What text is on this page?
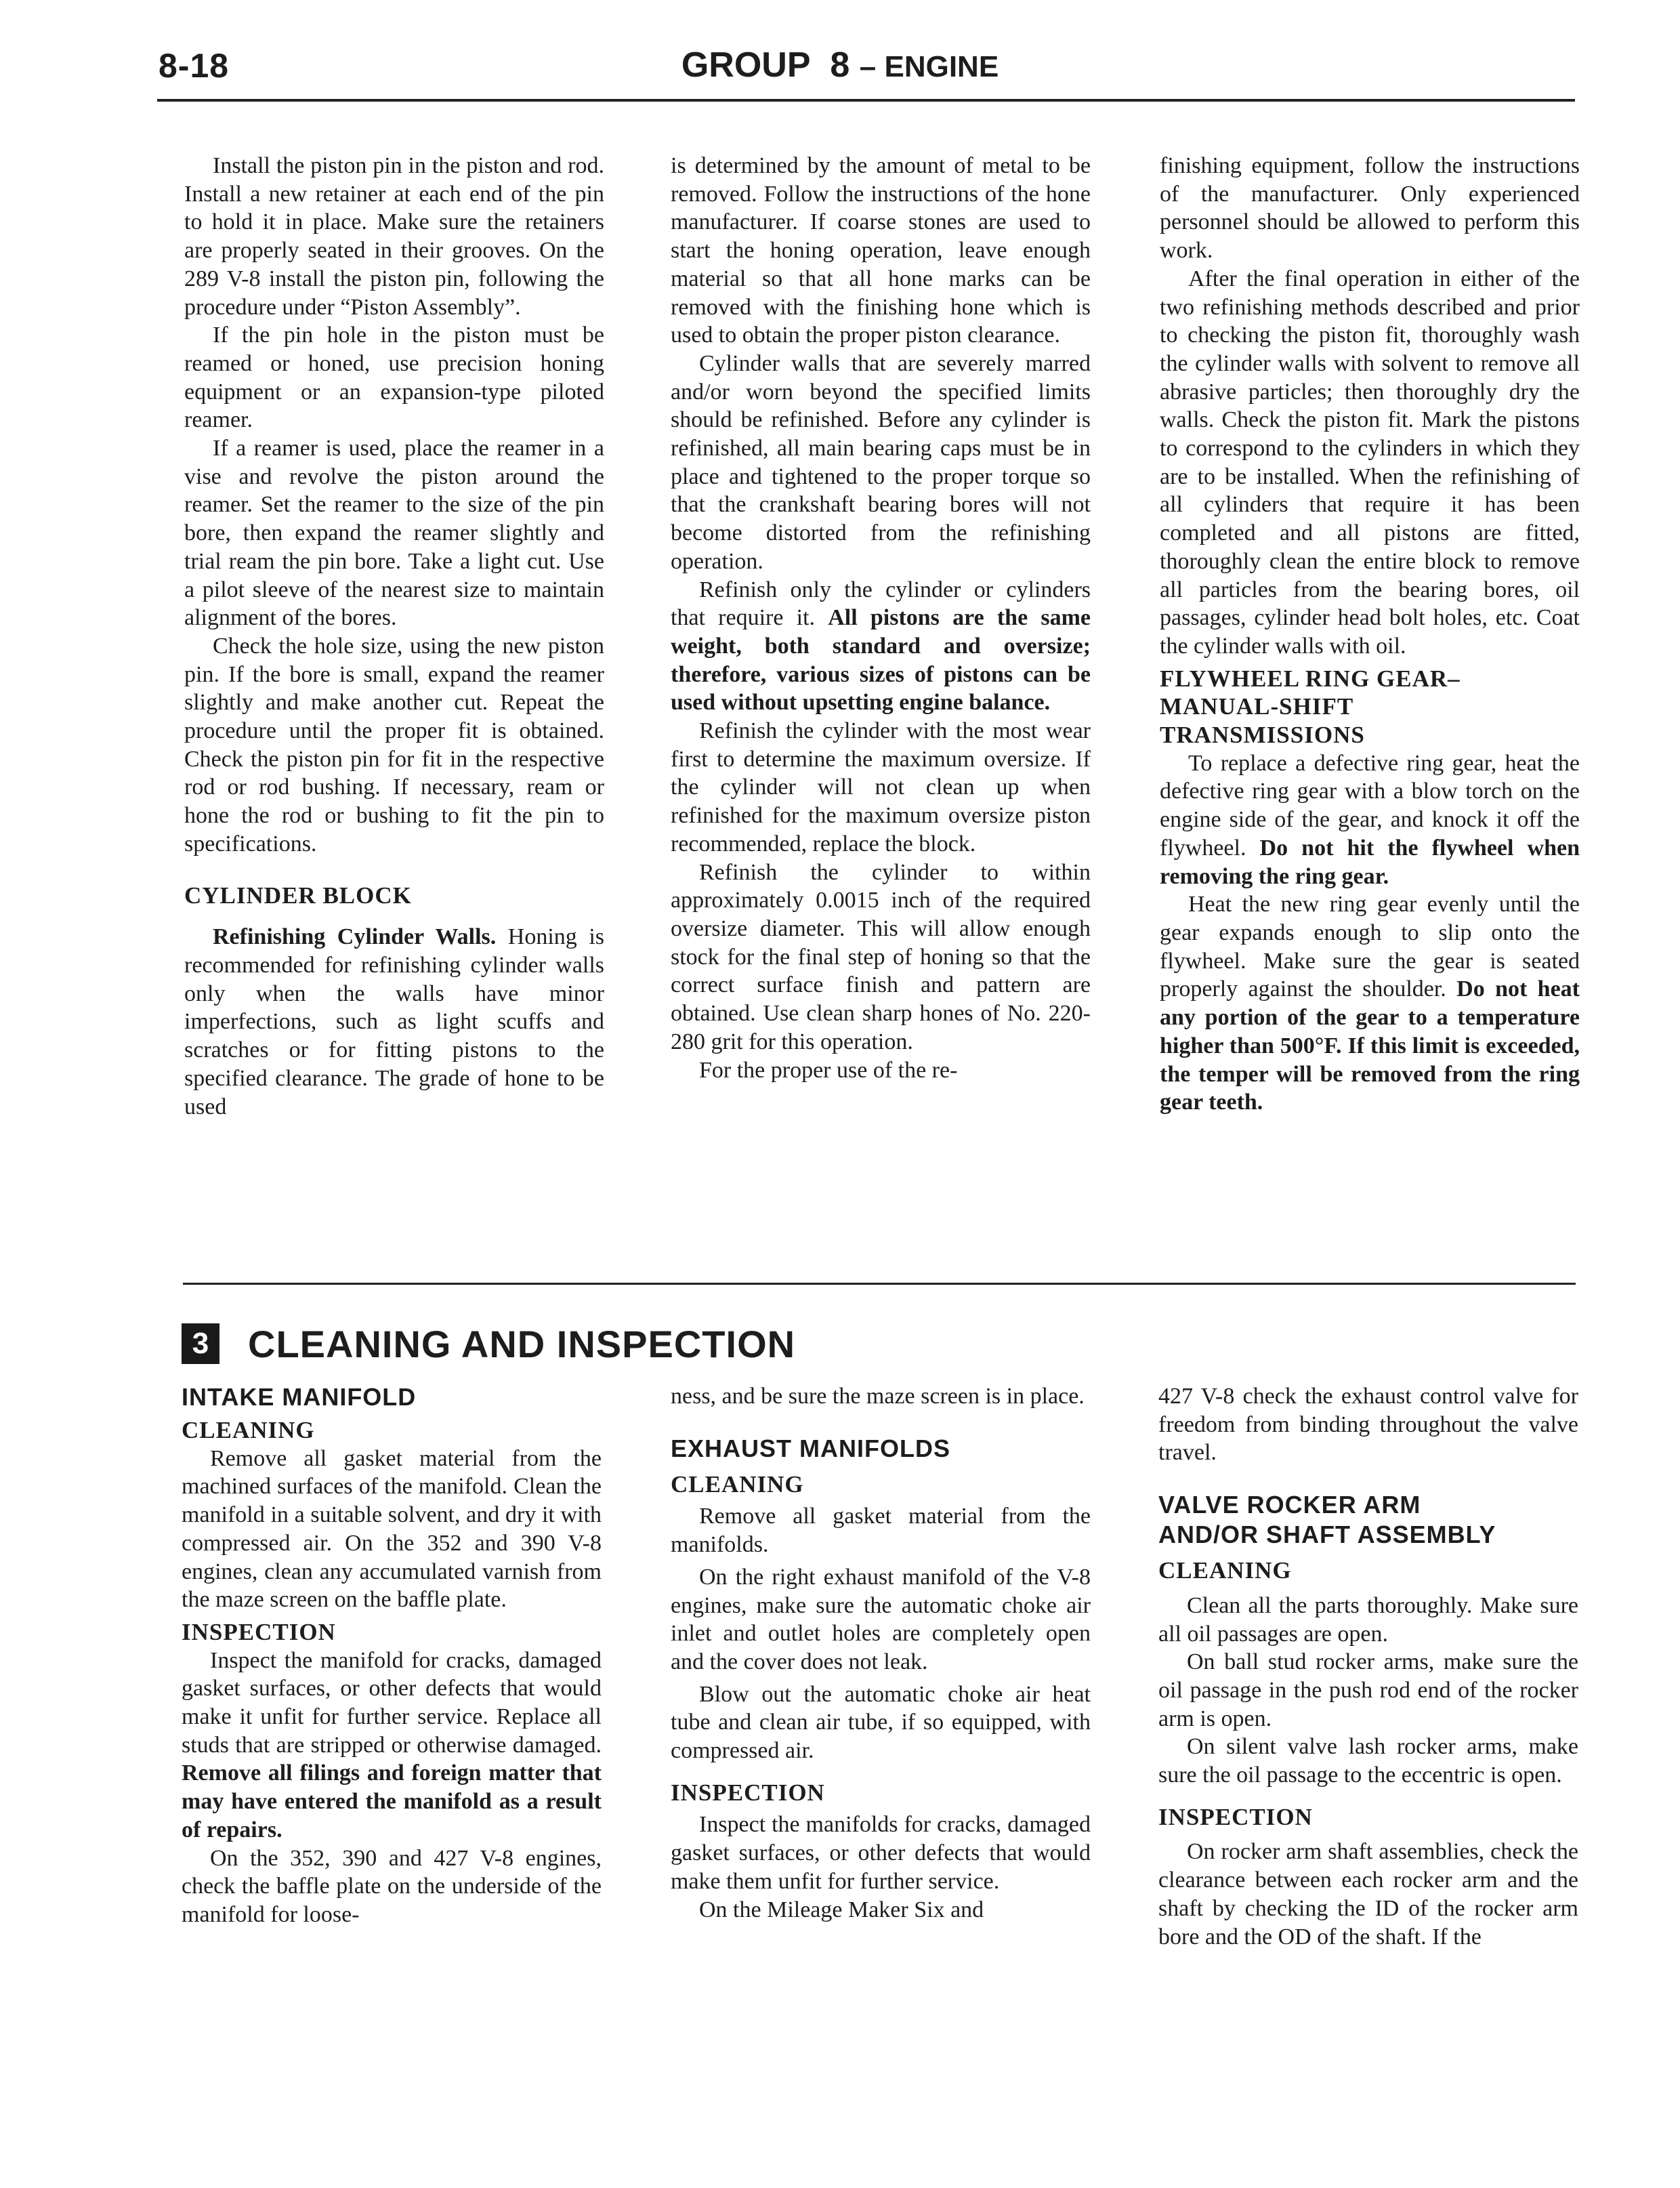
8-18	GROUP 8 – ENGINE

Install the piston pin in the piston and rod. Install a new retainer at each end of the pin to hold it in place. Make sure the retainers are properly seated in their grooves. On the 289 V-8 install the piston pin, following the procedure under “Piston Assembly”.

If the pin hole in the piston must be reamed or honed, use precision honing equipment or an expansion-type piloted reamer.

If a reamer is used, place the reamer in a vise and revolve the piston around the reamer. Set the reamer to the size of the pin bore, then expand the reamer slightly and trial ream the pin bore. Take a light cut. Use a pilot sleeve of the nearest size to maintain alignment of the bores.

Check the hole size, using the new piston pin. If the bore is small, expand the reamer slightly and make another cut. Repeat the procedure until the proper fit is obtained. Check the piston pin for fit in the respective rod or rod bushing. If necessary, ream or hone the rod or bushing to fit the pin to specifications.

CYLINDER BLOCK

Refinishing Cylinder Walls. Honing is recommended for refinishing cylinder walls only when the walls have minor imperfections, such as light scuffs and scratches or for fitting pistons to the specified clearance. The grade of hone to be used

is determined by the amount of metal to be removed. Follow the instructions of the hone manufacturer. If coarse stones are used to start the honing operation, leave enough material so that all hone marks can be removed with the finishing hone which is used to obtain the proper piston clearance.

Cylinder walls that are severely marred and/or worn beyond the specified limits should be refinished. Before any cylinder is refinished, all main bearing caps must be in place and tightened to the proper torque so that the crankshaft bearing bores will not become distorted from the refinishing operation.

Refinish only the cylinder or cylinders that require it. All pistons are the same weight, both standard and oversize; therefore, various sizes of pistons can be used without upsetting engine balance.

Refinish the cylinder with the most wear first to determine the maximum oversize. If the cylinder will not clean up when refinished for the maximum oversize piston recommended, replace the block.

Refinish the cylinder to within approximately 0.0015 inch of the required oversize diameter. This will allow enough stock for the final step of honing so that the correct surface finish and pattern are obtained. Use clean sharp hones of No. 220-280 grit for this operation.

For the proper use of the re-

finishing equipment, follow the instructions of the manufacturer. Only experienced personnel should be allowed to perform this work.

After the final operation in either of the two refinishing methods described and prior to checking the piston fit, thoroughly wash the cylinder walls with solvent to remove all abrasive particles; then thoroughly dry the walls. Check the piston fit. Mark the pistons to correspond to the cylinders in which they are to be installed. When the refinishing of all cylinders that require it has been completed and all pistons are fitted, thoroughly clean the entire block to remove all particles from the bearing bores, oil passages, cylinder head bolt holes, etc. Coat the cylinder walls with oil.

FLYWHEEL RING GEAR–
MANUAL-SHIFT
TRANSMISSIONS

To replace a defective ring gear, heat the defective ring gear with a blow torch on the engine side of the gear, and knock it off the flywheel. Do not hit the flywheel when removing the ring gear.

Heat the new ring gear evenly until the gear expands enough to slip onto the flywheel. Make sure the gear is seated properly against the shoulder. Do not heat any portion of the gear to a temperature higher than 500°F. If this limit is exceeded, the temper will be removed from the ring gear teeth.

3 CLEANING AND INSPECTION
INTAKE MANIFOLD
CLEANING

Remove all gasket material from the machined surfaces of the manifold. Clean the manifold in a suitable solvent, and dry it with compressed air. On the 352 and 390 V-8 engines, clean any accumulated varnish from the maze screen on the baffle plate.

INSPECTION

Inspect the manifold for cracks, damaged gasket surfaces, or other defects that would make it unfit for further service. Replace all studs that are stripped or otherwise damaged. Remove all filings and foreign matter that may have entered the manifold as a result of repairs.

On the 352, 390 and 427 V-8 engines, check the baffle plate on the underside of the manifold for loose-

ness, and be sure the maze screen is in place.

EXHAUST MANIFOLDS
CLEANING

Remove all gasket material from the manifolds.

On the right exhaust manifold of the V-8 engines, make sure the automatic choke air inlet and outlet holes are completely open and the cover does not leak.

Blow out the automatic choke air heat tube and clean air tube, if so equipped, with compressed air.

INSPECTION

Inspect the manifolds for cracks, damaged gasket surfaces, or other defects that would make them unfit for further service.

On the Mileage Maker Six and

427 V-8 check the exhaust control valve for freedom from binding throughout the valve travel.

VALVE ROCKER ARM
AND/OR SHAFT ASSEMBLY
CLEANING

Clean all the parts thoroughly. Make sure all oil passages are open.

On ball stud rocker arms, make sure the oil passage in the push rod end of the rocker arm is open.

On silent valve lash rocker arms, make sure the oil passage to the eccentric is open.

INSPECTION

On rocker arm shaft assemblies, check the clearance between each rocker arm and the shaft by checking the ID of the rocker arm bore and the OD of the shaft. If the
